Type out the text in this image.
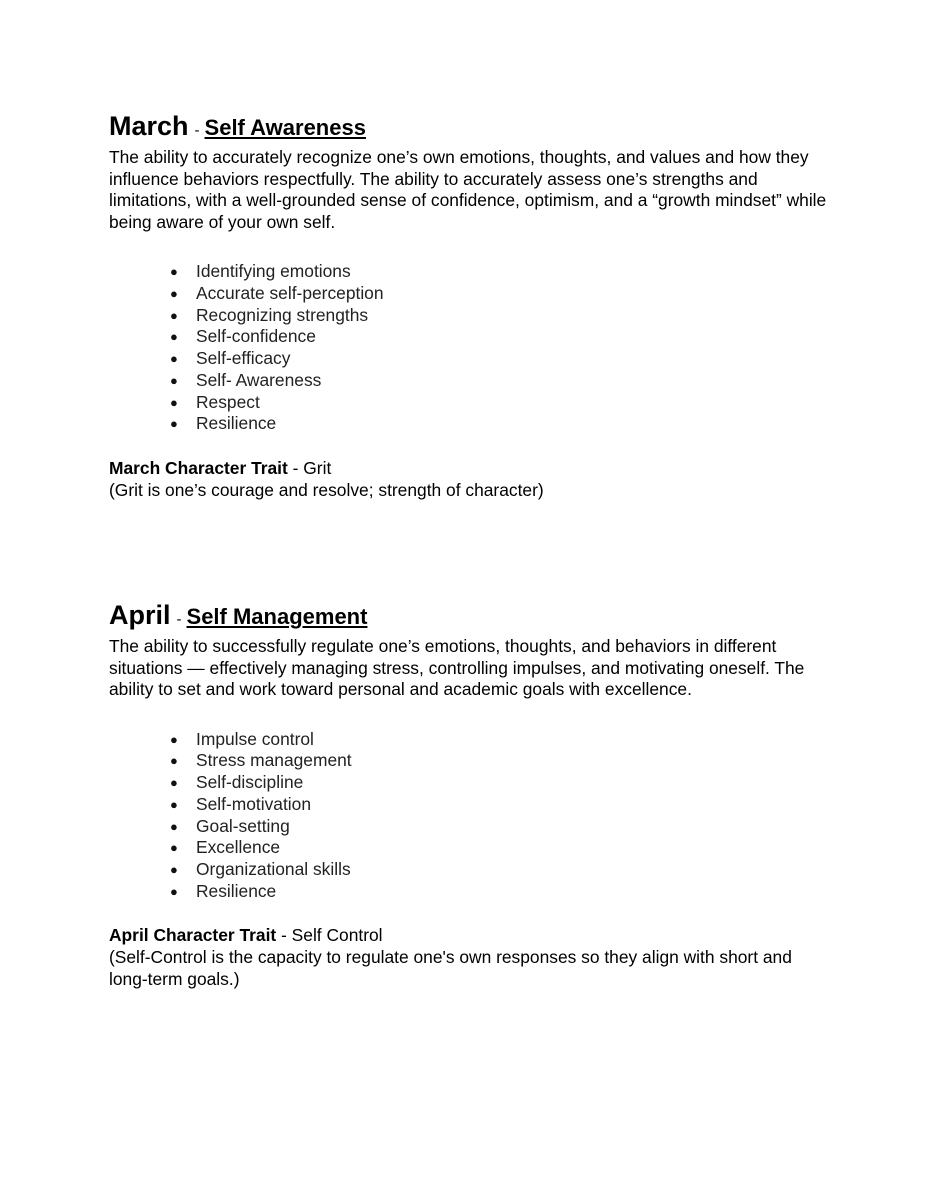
March - Self Awareness

The ability to accurately recognize one’s own emotions, thoughts, and values and how they influence behaviors respectfully. The ability to accurately assess one’s strengths and limitations, with a well-grounded sense of confidence, optimism, and a “growth mindset” while being aware of your own self.

● Identifying emotions
● Accurate self-perception
● Recognizing strengths
● Self-confidence
● Self-efficacy
● Self- Awareness
● Respect
● Resilience

March Character Trait - Grit

(Grit is one’s courage and resolve; strength of character)

April - Self Management

The ability to successfully regulate one’s emotions, thoughts, and behaviors in different situations — effectively managing stress, controlling impulses, and motivating oneself. The ability to set and work toward personal and academic goals with excellence.

● Impulse control
● Stress management
● Self-discipline
● Self-motivation
● Goal-setting
● Excellence
● Organizational skills
● Resilience

April Character Trait - Self Control

(Self-Control is the capacity to regulate one's own responses so they align with short and long-term goals.)
